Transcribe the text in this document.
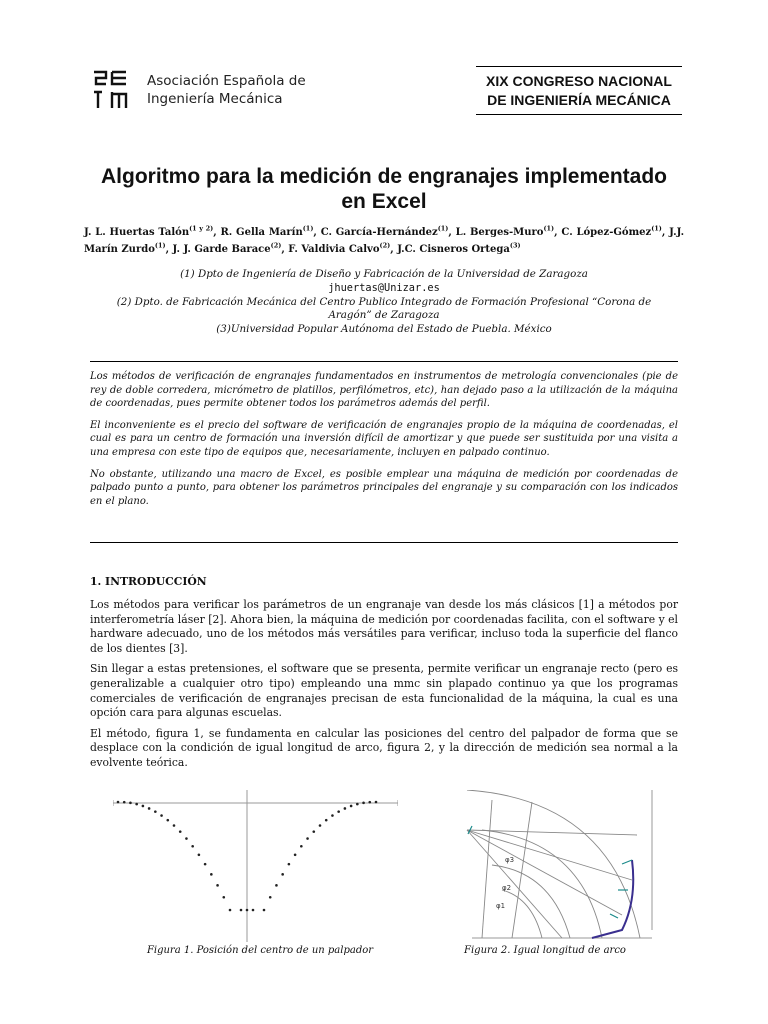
Asociación Española de
Ingeniería Mecánica
XIX CONGRESO NACIONAL
DE INGENIERÍA MECÁNICA
Algoritmo para la medición de engranajes implementado
en Excel
J. L. Huertas Talón$^{(1 y 2)}$, R. Gella Marín$^{(1)}$, C. García-Hernández$^{(1)}$, L. Berges-Muro$^{(1)}$, C. López-Gómez$^{(1)}$, J.J. Marín Zurdo$^{(1)}$, J. J. Garde Barace$^{(2)}$, F. Valdivia Calvo$^{(2)}$, J.C. Cisneros Ortega$^{(3)}$
(1) Dpto de Ingeniería de Diseño y Fabricación de la Universidad de Zaragoza
jhuertas@Unizar.es
(2) Dpto. de Fabricación Mecánica del Centro Publico Integrado de Formación Profesional “Corona de
Aragón” de Zaragoza
(3)Universidad Popular Autónoma del Estado de Puebla. México

Los métodos de verificación de engranajes fundamentados en instrumentos de metrología convencionales (pie de rey de doble corredera, micrómetro de platillos, perfilómetros, etc), han dejado paso a la utilización de la máquina de coordenadas, pues permite obtener todos los parámetros además del perfil.

El inconveniente es el precio del software de verificación de engranajes propio de la máquina de coordenadas, el cual es para un centro de formación una inversión difícil de amortizar y que puede ser sustituida por una visita a una empresa con este tipo de equipos que, necesariamente, incluyen en palpado continuo.

No obstante, utilizando una macro de Excel, es posible emplear una máquina de medición por coordenadas de palpado punto a punto, para obtener los parámetros principales del engranaje y su comparación con los indicados en el plano.

1. INTRODUCCIÓN

Los métodos para verificar los parámetros de un engranaje van desde los más clásicos [1] a métodos por interferometría láser [2]. Ahora bien, la máquina de medición por coordenadas facilita, con el software y el hardware adecuado, uno de los métodos más versátiles para verificar, incluso toda la superficie del flanco de los dientes [3].

Sin llegar a estas pretensiones, el software que se presenta, permite verificar un engranaje recto (pero es generalizable a cualquier otro tipo) empleando una mmc sin plapado continuo ya que los programas comerciales de verificación de engranajes precisan de esta funcionalidad de la máquina, la cual es una opción cara para algunas escuelas.

El método, figura 1, se fundamenta en calcular las posiciones del centro del palpador de forma que se desplace con la condición de igual longitud de arco, figura 2, y la dirección de medición sea normal a la evolvente teórica.

Figura 1. Posición del centro de un palpador
φ3
φ2
φ1
Figura 2. Igual longitud de arco
